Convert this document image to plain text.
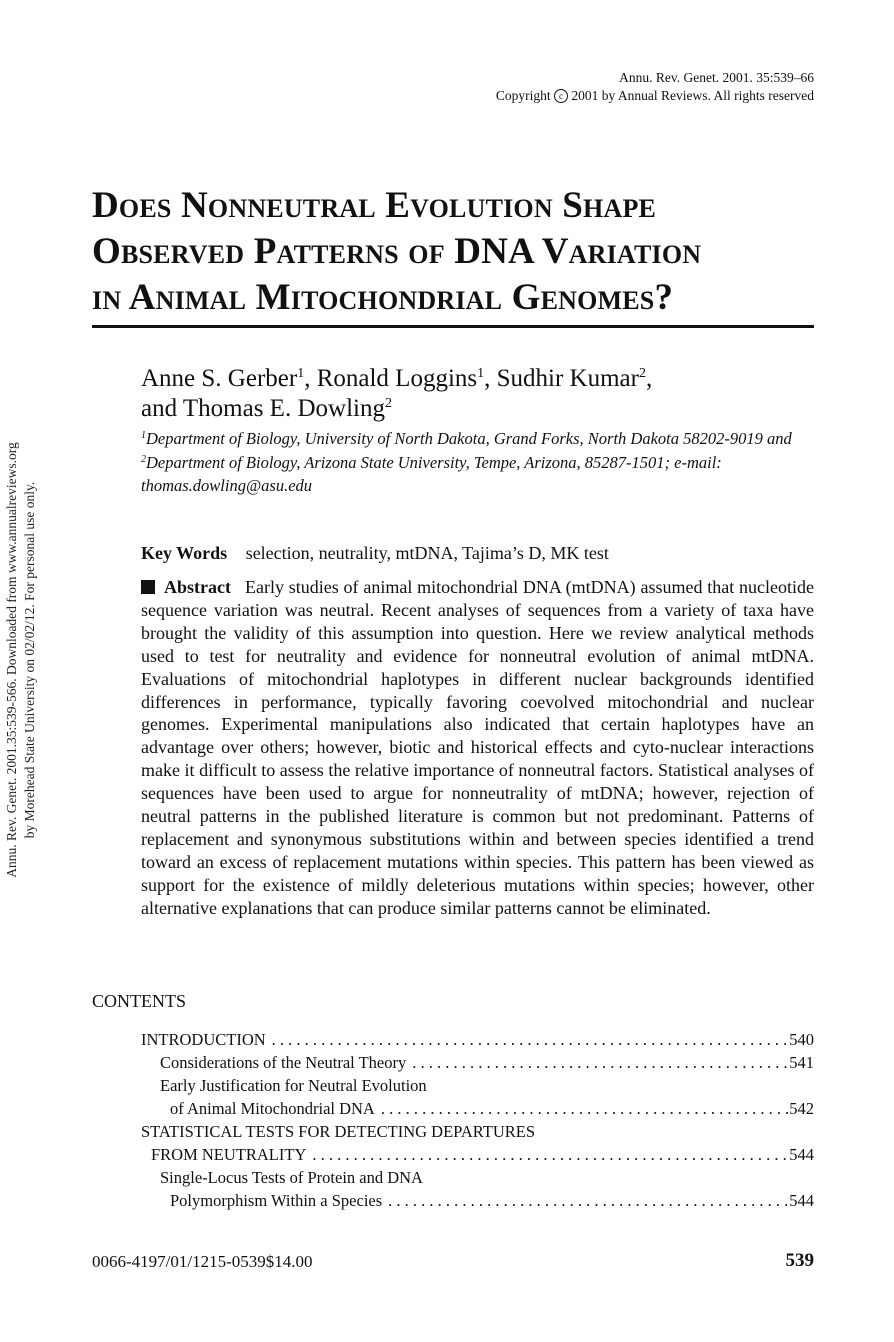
Annu. Rev. Genet. 2001. 35:539–66
Copyright c 2001 by Annual Reviews. All rights reserved
Does Nonneutral Evolution Shape
Observed Patterns of DNA Variation
in Animal Mitochondrial Genomes?
Anne S. Gerber$^1$, Ronald Loggins$^1$, Sudhir Kumar$^2$,
and Thomas E. Dowling$^2$
$^1$Department of Biology, University of North Dakota, Grand Forks, North Dakota 58202-9019 and $^2$Department of Biology, Arizona State University, Tempe, Arizona, 85287-1501; e-mail: thomas.dowling@asu.edu
Key Words selection, neutrality, mtDNA, Tajima’s D, MK test
Abstract Early studies of animal mitochondrial DNA (mtDNA) assumed that nucleotide sequence variation was neutral. Recent analyses of sequences from a variety of taxa have brought the validity of this assumption into question. Here we review analytical methods used to test for neutrality and evidence for nonneutral evolution of animal mtDNA. Evaluations of mitochondrial haplotypes in different nuclear backgrounds identified differences in performance, typically favoring coevolved mitochondrial and nuclear genomes. Experimental manipulations also indicated that certain haplotypes have an advantage over others; however, biotic and historical effects and cyto-nuclear interactions make it difficult to assess the relative importance of nonneutral factors. Statistical analyses of sequences have been used to argue for nonneutrality of mtDNA; however, rejection of neutral patterns in the published literature is common but not predominant. Patterns of replacement and synonymous substitutions within and between species identified a trend toward an excess of replacement mutations within species. This pattern has been viewed as support for the existence of mildly deleterious mutations within species; however, other alternative explanations that can produce similar patterns cannot be eliminated.
CONTENTS
INTRODUCTION . . .	540
Considerations of the Neutral Theory . . .	541
Early Justification for Neutral Evolution
of Animal Mitochondrial DNA . . .	542
STATISTICAL TESTS FOR DETECTING DEPARTURES
FROM NEUTRALITY . . .	544
Single-Locus Tests of Protein and DNA
Polymorphism Within a Species . . .	544
0066-4197/01/1215-0539$14.00	539
Annu. Rev. Genet. 2001.35:539-566. Downloaded from www.annualreviews.org by Morehead State University on 02/02/12. For personal use only.
